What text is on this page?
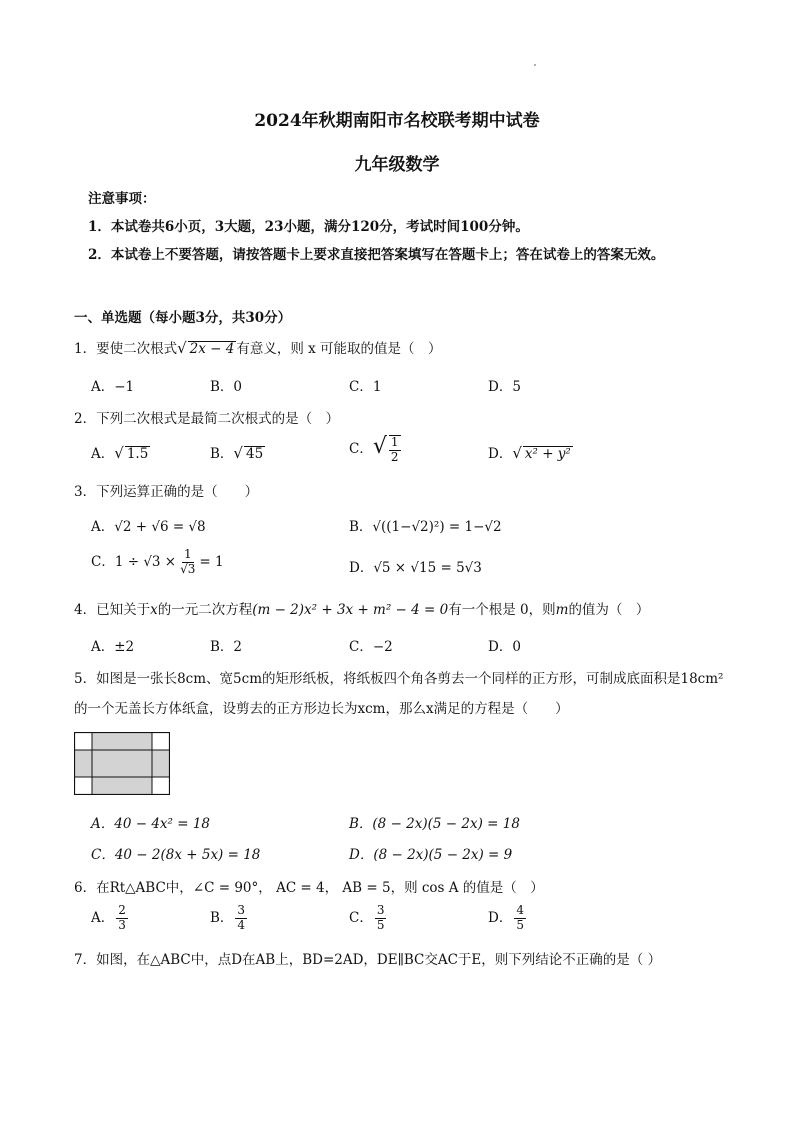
2024年秋期南阳市名校联考期中试卷
九年级数学
注意事项：
1．本试卷共6小页，3大题，23小题，满分120分，考试时间100分钟。
2．本试卷上不要答题，请按答题卡上要求直接把答案填写在答题卡上；答在试卷上的答案无效。
一、单选题（每小题3分，共30分）
1．要使二次根式√ 2x − 4 有意义，则 x 可能取的值是（　）
A．−1	B．0	C．1	D．5
2．下列二次根式是最简二次根式的是（　）
A．√ 1.5	B．√ 45	C．√ $\frac{1}{2}$	D．√ x² + y²
3．下列运算正确的是（　　）
A．√2 + √6 = √8	B．√((1−√2)²) = 1−√2
C．$1 \div √3 \times \frac{1}{√3} = 1$	D．√5 × √15 = 5√3
4．已知关于x的一元二次方程(m − 2)x² + 3x + m² − 4 = 0有一个根是 0，则m的值为（　）
A．±2	B．2	C．−2	D．0
5．如图是一张长8cm、宽5cm的矩形纸板，将纸板四个角各剪去一个同样的正方形，可制成底面积是18cm²
的一个无盖长方体纸盒，设剪去的正方形边长为xcm，那么x满足的方程是（　　）
A．40 − 4x² = 18	B．(8 − 2x)(5 − 2x) = 18
C．40 − 2(8x + 5x) = 18	D．(8 − 2x)(5 − 2x) = 9
6．在Rt△ABC中，∠C = 90°， AC = 4， AB = 5，则 cos A 的值是（　）
A． $\frac{2}{3}$	B． $\frac{3}{4}$	C． $\frac{3}{5}$	D． $\frac{4}{5}$
7．如图，在△ABC中，点D在AB上，BD=2AD，DE∥BC交AC于E，则下列结论不正确的是（ ）
